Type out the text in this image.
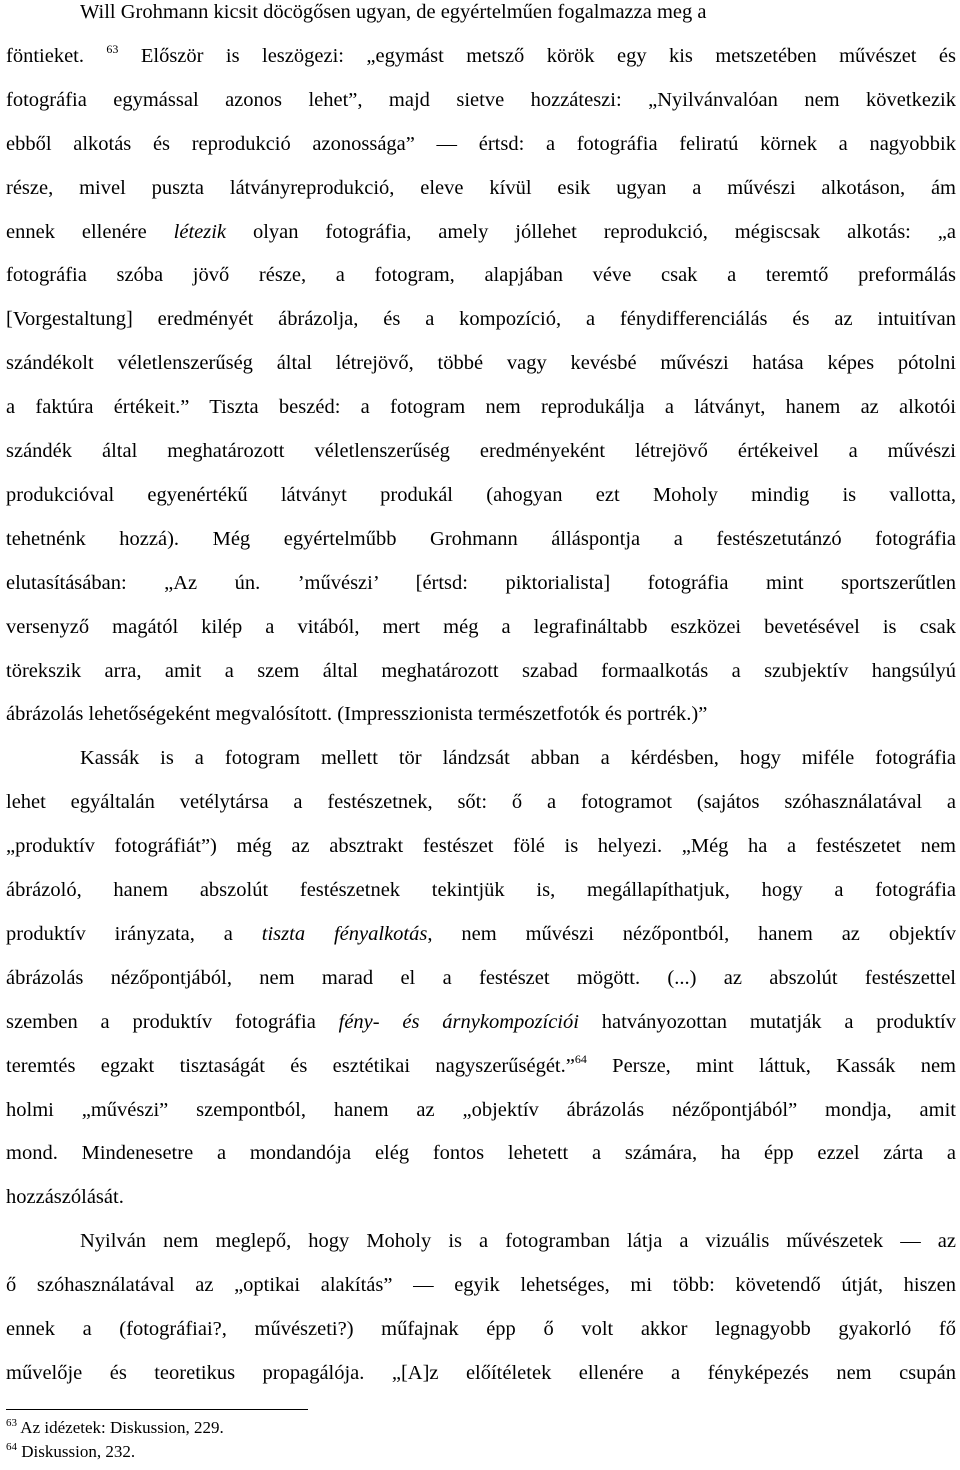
Will Grohmann kicsit döcögősen ugyan, de egyértelműen fogalmazza meg a
föntieket. $^{63}$ Először is leszögezi: „egymást metsző körök egy kis metszetében művészet és
fotográfia egymással azonos lehet”, majd sietve hozzáteszi: „Nyilvánvalóan nem következik
ebből alkotás és reprodukció azonossága” ― értsd: a fotográfia feliratú körnek a nagyobbik
része, mivel puszta látványreprodukció, eleve kívül esik ugyan a művészi alkotáson, ám
ennek ellenére létezik olyan fotográfia, amely jóllehet reprodukció, mégiscsak alkotás: „a
fotográfia szóba jövő része, a fotogram, alapjában véve csak a teremtő preformálás
[Vorgestaltung] eredményét ábrázolja, és a kompozíció, a fénydifferenciálás és az intuitívan
szándékolt véletlenszerűség által létrejövő, többé vagy kevésbé művészi hatása képes pótolni
a faktúra értékeit.” Tiszta beszéd: a fotogram nem reprodukálja a látványt, hanem az alkotói
szándék által meghatározott véletlenszerűség eredményeként létrejövő értékeivel a művészi
produkcióval egyenértékű látványt produkál (ahogyan ezt Moholy mindig is vallotta,
tehetnénk hozzá). Még egyértelműbb Grohmann álláspontja a festészetutánzó fotográfia
elutasításában: „Az ún. ’művészi’ [értsd: piktorialista] fotográfia mint sportszerűtlen
versenyző magától kilép a vitából, mert még a legrafináltabb eszközei bevetésével is csak
törekszik arra, amit a szem által meghatározott szabad formaalkotás a szubjektív hangsúlyú
ábrázolás lehetőségeként megvalósított. (Impresszionista természetfotók és portrék.)”
Kassák is a fotogram mellett tör lándzsát abban a kérdésben, hogy miféle fotográfia
lehet egyáltalán vetélytársa a festészetnek, sőt: ő a fotogramot (sajátos szóhasználatával a
„produktív fotográfiát”) még az absztrakt festészet fölé is helyezi. „Még ha a festészetet nem
ábrázoló, hanem abszolút festészetnek tekintjük is, megállapíthatjuk, hogy a fotográfia
produktív irányzata, a tiszta fényalkotás, nem művészi nézőpontból, hanem az objektív
ábrázolás nézőpontjából, nem marad el a festészet mögött. (...) az abszolút festészettel
szemben a produktív fotográfia fény- és árnykompozíciói hatványozottan mutatják a produktív
teremtés egzakt tisztaságát és esztétikai nagyszerűségét.”$^{64}$ Persze, mint láttuk, Kassák nem
holmi „művészi” szempontból, hanem az „objektív ábrázolás nézőpontjából” mondja, amit
mond. Mindenesetre a mondandója elég fontos lehetett a számára, ha épp ezzel zárta a
hozzászólását.
Nyilván nem meglepő, hogy Moholy is a fotogramban látja a vizuális művészetek ― az
ő szóhasználatával az „optikai alakítás” ― egyik lehetséges, mi több: követendő útját, hiszen
ennek a (fotográfiai?, művészeti?) műfajnak épp ő volt akkor legnagyobb gyakorló fő
művelője és teoretikus propagálója. „[A]z előítéletek ellenére a fényképezés nem csupán
$^{63}$ Az idézetek: Diskussion, 229.
$^{64}$ Diskussion, 232.
